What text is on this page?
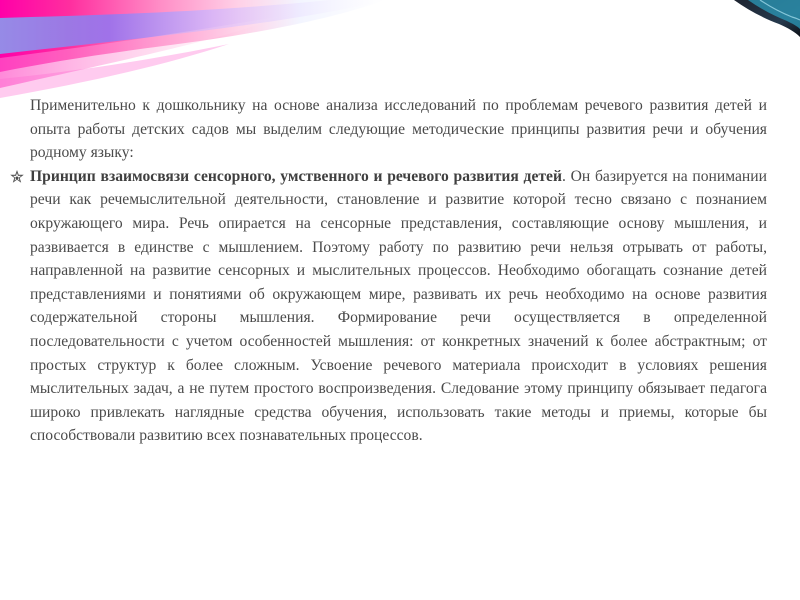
Применительно к дошкольнику на основе анализа исследований по проблемам речевого развития детей и опыта работы детских садов мы выделим следующие методические принципы развития речи и обучения родному языку:

Принцип взаимосвязи сенсорного, умственного и речевого развития детей. Он базируется на понимании речи как речемыслительной деятельности, становление и развитие которой тесно связано с познанием окружающего мира. Речь опирается на сенсорные представления, составляющие основу мышления, и развивается в единстве с мышлением. Поэтому работу по развитию речи нельзя отрывать от работы, направленной на развитие сенсорных и мыслительных процессов. Необходимо обогащать сознание детей представлениями и понятиями об окружающем мире, развивать их речь необходимо на основе развития содержательной стороны мышления. Формирование речи осуществляется в определенной последовательности с учетом особенностей мышления: от конкретных значений к более абстрактным; от простых структур к более сложным. Усвоение речевого материала происходит в условиях решения мыслительных задач, а не путем простого воспроизведения. Следование этому принципу обязывает педагога широко привлекать наглядные средства обучения, использовать такие методы и приемы, которые бы способствовали развитию всех познавательных процессов.
